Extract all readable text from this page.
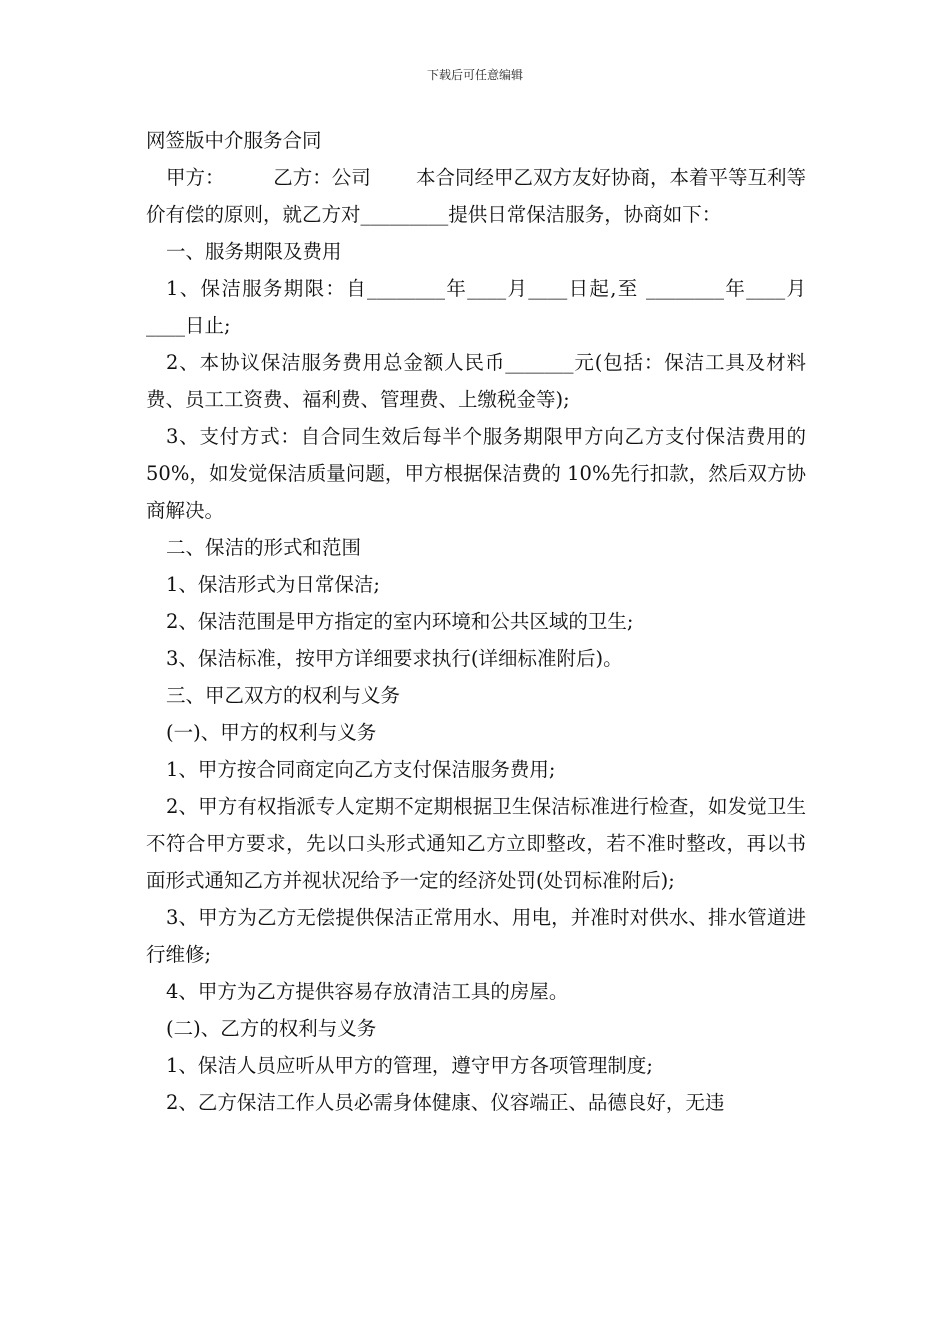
下载后可任意编辑

网签版中介服务合同

甲方：　　　乙方：公司　　 本合同经甲乙双方友好协商，本着平等互利等价有偿的原则，就乙方对_________提供日常保洁服务，协商如下：

一、服务期限及费用

1、保洁服务期限：自________年____月____日起,至 ________年____月____日止;

2、本协议保洁服务费用总金额人民币_______元(包括：保洁工具及材料费、员工工资费、福利费、管理费、上缴税金等);

3、支付方式：自合同生效后每半个服务期限甲方向乙方支付保洁费用的 50%，如发觉保洁质量问题，甲方根据保洁费的 10%先行扣款，然后双方协商解决。

二、保洁的形式和范围

1、保洁形式为日常保洁;

2、保洁范围是甲方指定的室内环境和公共区域的卫生;

3、保洁标准，按甲方详细要求执行(详细标准附后)。

三、甲乙双方的权利与义务

(一)、甲方的权利与义务

1、甲方按合同商定向乙方支付保洁服务费用;

2、甲方有权指派专人定期不定期根据卫生保洁标准进行检查，如发觉卫生不符合甲方要求，先以口头形式通知乙方立即整改，若不准时整改，再以书面形式通知乙方并视状况给予一定的经济处罚(处罚标准附后);

3、甲方为乙方无偿提供保洁正常用水、用电，并准时对供水、排水管道进行维修;

4、甲方为乙方提供容易存放清洁工具的房屋。

(二)、乙方的权利与义务

1、保洁人员应听从甲方的管理，遵守甲方各项管理制度;

2、乙方保洁工作人员必需身体健康、仪容端正、品德良好，无违
